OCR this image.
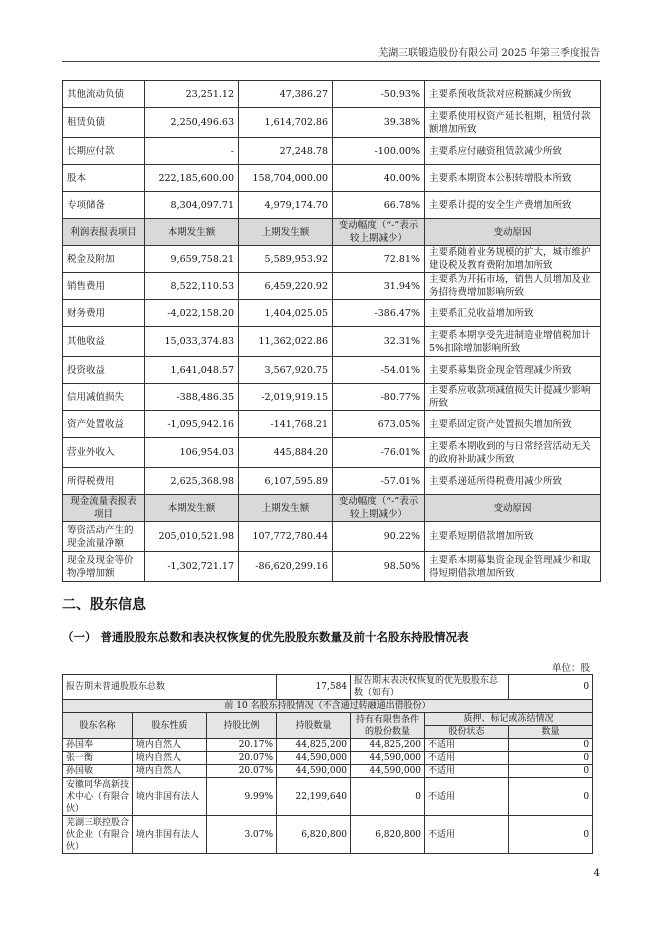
芜湖三联锻造股份有限公司 2025 年第三季度报告
其他流动负债	23,251.12	47,386.27	-50.93%	主要系预收货款对应税额减少所致
租赁负债	2,250,496.63	1,614,702.86	39.38%	主要系使用权资产延长租期，租赁付款额增加所致
长期应付款	-	27,248.78	-100.00%	主要系应付融资租赁款减少所致
股本	222,185,600.00	158,704,000.00	40.00%	主要系本期资本公积转增股本所致
专项储备	8,304,097.71	4,979,174.70	66.78%	主要系计提的安全生产费增加所致
利润表报表项目	本期发生额	上期发生额	变动幅度（“-”表示较上期减少）	变动原因
税金及附加	9,659,758.21	5,589,953.92	72.81%	主要系随着业务规模的扩大，城市维护建设税及教育费附加增加所致
销售费用	8,522,110.53	6,459,220.92	31.94%	主要系为开拓市场，销售人员增加及业务招待费增加影响所致
财务费用	-4,022,158.20	1,404,025.05	-386.47%	主要系汇兑收益增加所致
其他收益	15,033,374.83	11,362,022.86	32.31%	主要系本期享受先进制造业增值税加计 5%扣除增加影响所致
投资收益	1,641,048.57	3,567,920.75	-54.01%	主要系募集资金现金管理减少所致
信用减值损失	-388,486.35	-2,019,919.15	-80.77%	主要系应收款项减值损失计提减少影响所致
资产处置收益	-1,095,942.16	-141,768.21	673.05%	主要系固定资产处置损失增加所致
营业外收入	106,954.03	445,884.20	-76.01%	主要系本期收到的与日常经营活动无关的政府补助减少所致
所得税费用	2,625,368.98	6,107,595.89	-57.01%	主要系递延所得税费用减少所致
现金流量表报表项目	本期发生额	上期发生额	变动幅度（“-”表示较上期减少）	变动原因
筹资活动产生的现金流量净额	205,010,521.98	107,772,780.44	90.22%	主要系短期借款增加所致
现金及现金等价物净增加额	-1,302,721.17	-86,620,299.16	98.50%	主要系本期募集资金现金管理减少和取得短期借款增加所致
二、股东信息
（一） 普通股股东总数和表决权恢复的优先股股东数量及前十名股东持股情况表
单位：股
报告期末普通股股东总数			17,584	报告期末表决权恢复的优先股股东总数（如有）		0
前 10 名股东持股情况（不含通过转融通出借股份）						
股东名称	股东性质	持股比例	持股数量	持有有限售条件的股份数量	质押、标记或冻结情况	
					股份状态	数量
孙国奉	境内自然人	20.17%	44,825,200	44,825,200	不适用	0
张一衡	境内自然人	20.07%	44,590,000	44,590,000	不适用	0
孙国敏	境内自然人	20.07%	44,590,000	44,590,000	不适用	0
安徽同华高新技术中心（有限合伙）	境内非国有法人	9.99%	22,199,640	0	不适用	0
芜湖三联控股合伙企业（有限合伙）	境内非国有法人	3.07%	6,820,800	6,820,800	不适用	0
4
